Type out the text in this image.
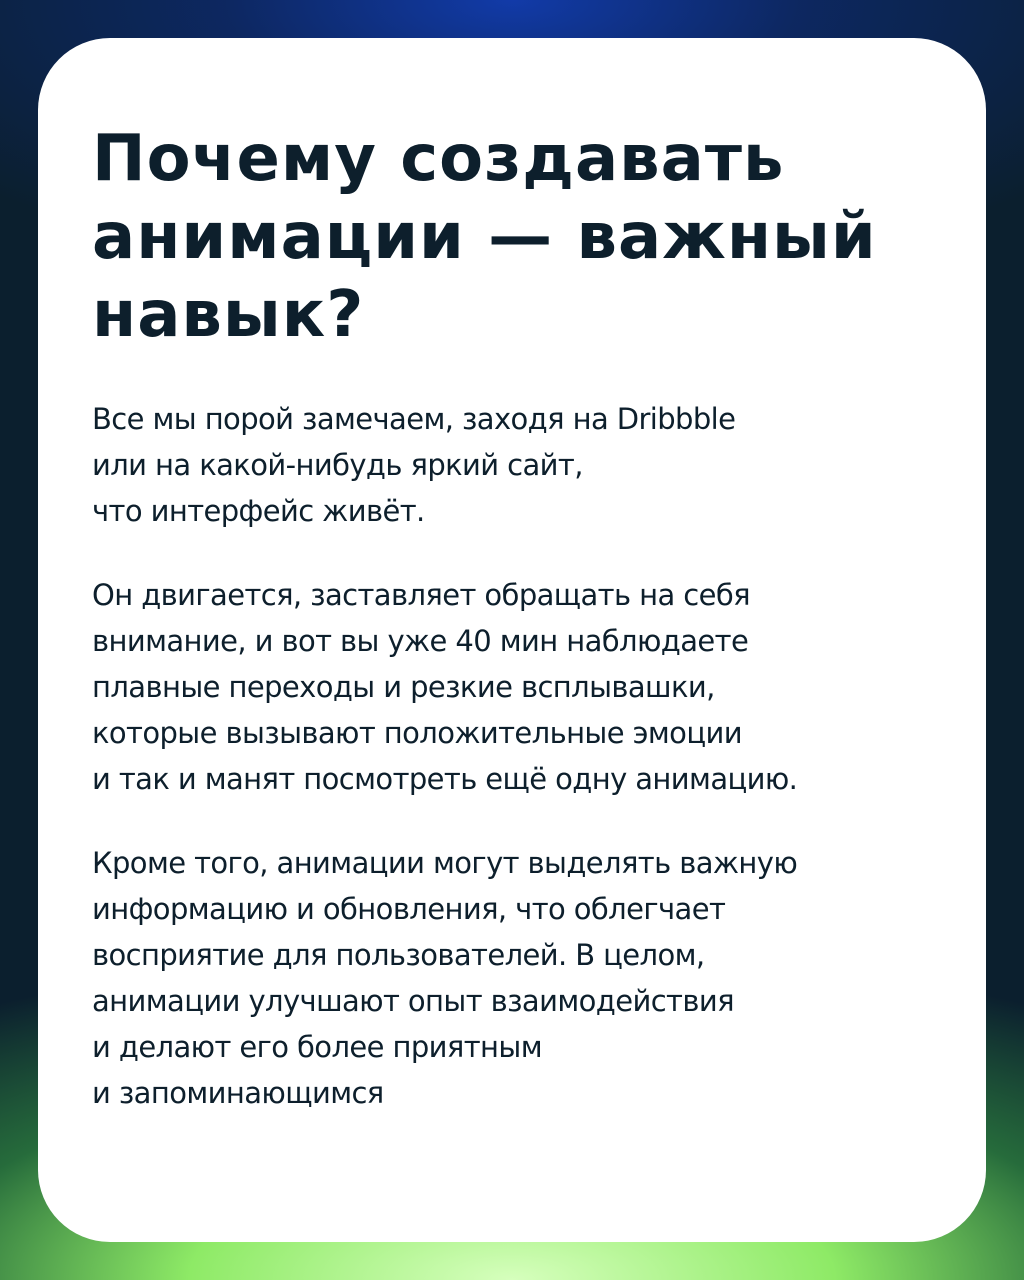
Почему создавать анимации — важный навык?

Все мы порой замечаем, заходя на Dribbble
или на какой-нибудь яркий сайт,
что интерфейс живёт.

Он двигается, заставляет обращать на себя
внимание, и вот вы уже 40 мин наблюдаете
плавные переходы и резкие всплывашки,
которые вызывают положительные эмоции
и так и манят посмотреть ещё одну анимацию.

Кроме того, анимации могут выделять важную
информацию и обновления, что облегчает
восприятие для пользователей. В целом,
анимации улучшают опыт взаимодействия
и делают его более приятным
и запоминающимся
